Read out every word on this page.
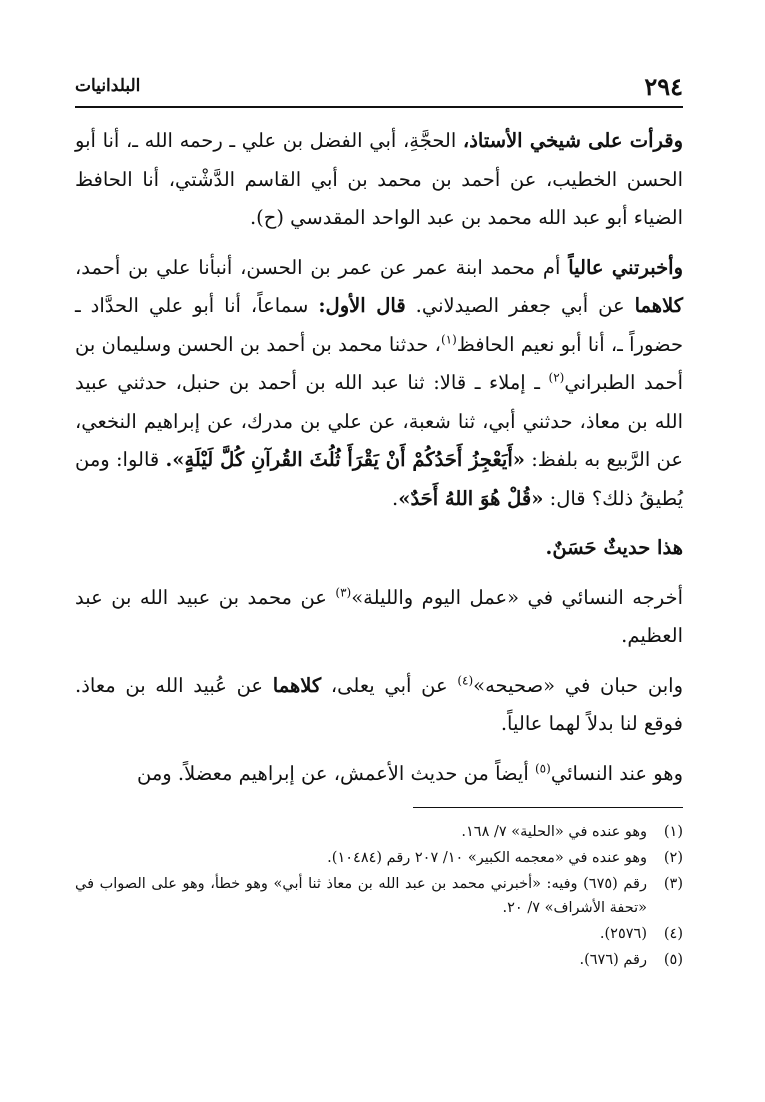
٢٩٤
البلدانيات

وقرأت على شيخي الأستاذ، الحجَّةِ، أبي الفضل بن علي ـ رحمه الله ـ، أنا أبو الحسن الخطيب، عن أحمد بن محمد بن أبي القاسم الدَّشْتي، أنا الحافظ الضياء أبو عبد الله محمد بن عبد الواحد المقدسي (ح).

وأخبرتني عالياً أم محمد ابنة عمر عن عمر بن الحسن، أنبأنا علي بن أحمد، كلاهما عن أبي جعفر الصيدلاني. قال الأول: سماعاً، أنا أبو علي الحدَّاد ـ حضوراً ـ، أنا أبو نعيم الحافظ$^{(١)}$، حدثنا محمد بن أحمد بن الحسن وسليمان بن أحمد الطبراني$^{(٢)}$ ـ إملاء ـ قالا: ثنا عبد الله بن أحمد بن حنبل، حدثني عبيد الله بن معاذ، حدثني أبي، ثنا شعبة، عن علي بن مدرك، عن إبراهيم النخعي، عن الرَّبيع به بلفظ: «أَيَعْجِزُ أَحَدُكُمْ أَنْ يَقْرَأَ ثُلُثَ القُرآنِ كُلَّ لَيْلَةٍ». قالوا: ومن يُطيقُ ذلك؟ قال: «قُلْ هُوَ اللهُ أَحَدٌ».

هذا حديثٌ حَسَنٌ.

أخرجه النسائي في «عمل اليوم والليلة»$^{(٣)}$ عن محمد بن عبيد الله بن عبد العظيم.

وابن حبان في «صحيحه»$^{(٤)}$ عن أبي يعلى، كلاهما عن عُبيد الله بن معاذ. فوقع لنا بدلاً لهما عالياً.

وهو عند النسائي$^{(٥)}$ أيضاً من حديث الأعمش، عن إبراهيم معضلاً. ومن

(١)
وهو عنده في «الحلية» ٧/ ١٦٨.
(٢)
وهو عنده في «معجمه الكبير» ١٠/ ٢٠٧ رقم (١٠٤٨٤).
(٣)
رقم (٦٧٥) وفيه: «أخبرني محمد بن عبد الله بن معاذ ثنا أبي» وهو خطأ، وهو على الصواب في «تحفة الأشراف» ٧/ ٢٠.
(٤)
(٢٥٧٦).
(٥)
رقم (٦٧٦).
